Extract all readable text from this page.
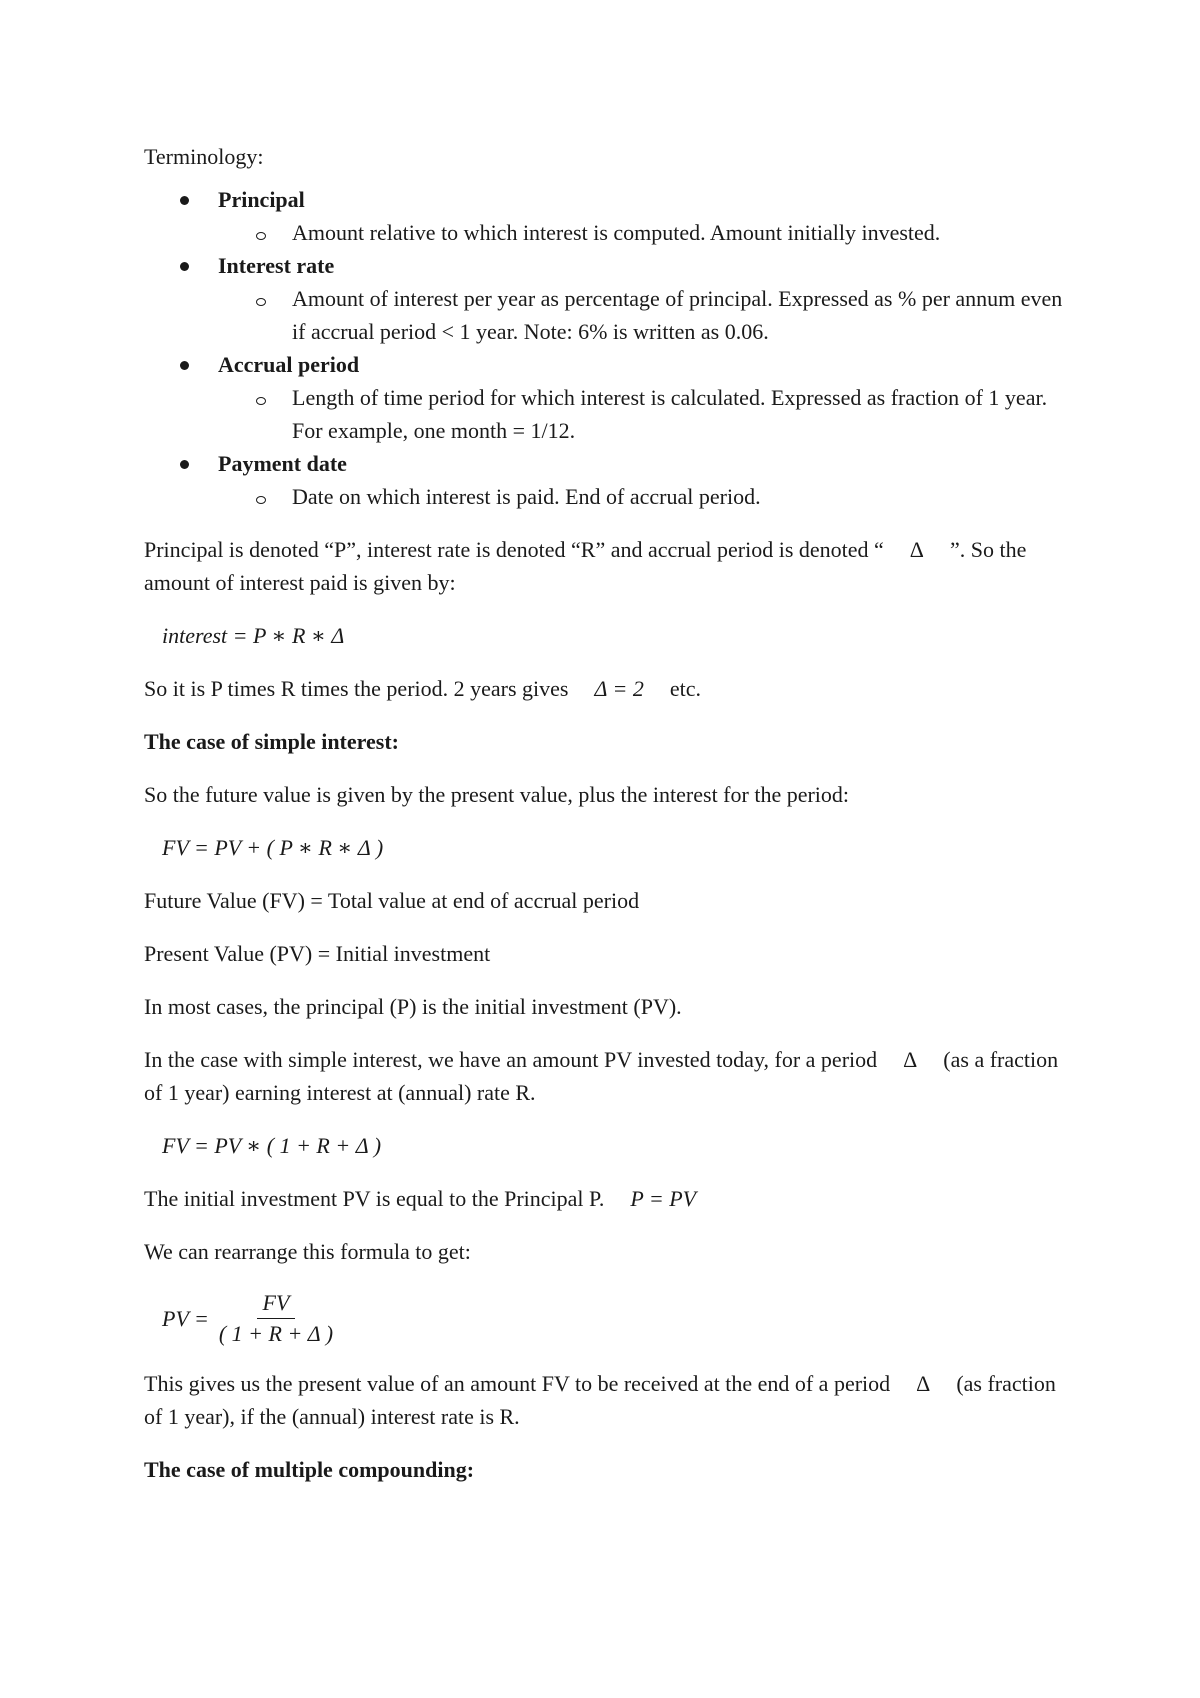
Terminology:

Principal
Amount relative to which interest is computed. Amount initially invested.
Interest rate
Amount of interest per year as percentage of principal. Expressed as % per annum even if accrual period < 1 year. Note: 6% is written as 0.06.
Accrual period
Length of time period for which interest is calculated. Expressed as fraction of 1 year. For example, one month = 1/12.
Payment date
Date on which interest is paid. End of accrual period.

Principal is denoted “P”, interest rate is denoted “R” and accrual period is denoted “ Δ ”. So the amount of interest paid is given by:

interest = P ∗ R ∗ Δ

So it is P times R times the period. 2 years gives Δ = 2 etc.

The case of simple interest:

So the future value is given by the present value, plus the interest for the period:

FV = PV + ( P ∗ R ∗ Δ )

Future Value (FV) = Total value at end of accrual period

Present Value (PV) = Initial investment

In most cases, the principal (P) is the initial investment (PV).

In the case with simple interest, we have an amount PV invested today, for a period Δ (as a fraction of 1 year) earning interest at (annual) rate R.

FV = PV ∗ ( 1 + R + Δ )

The initial investment PV is equal to the Principal P. P = PV

We can rearrange this formula to get:

PV = $\frac{FV}{( 1 + R + \Delta )}$

This gives us the present value of an amount FV to be received at the end of a period Δ (as fraction of 1 year), if the (annual) interest rate is R.

The case of multiple compounding:
